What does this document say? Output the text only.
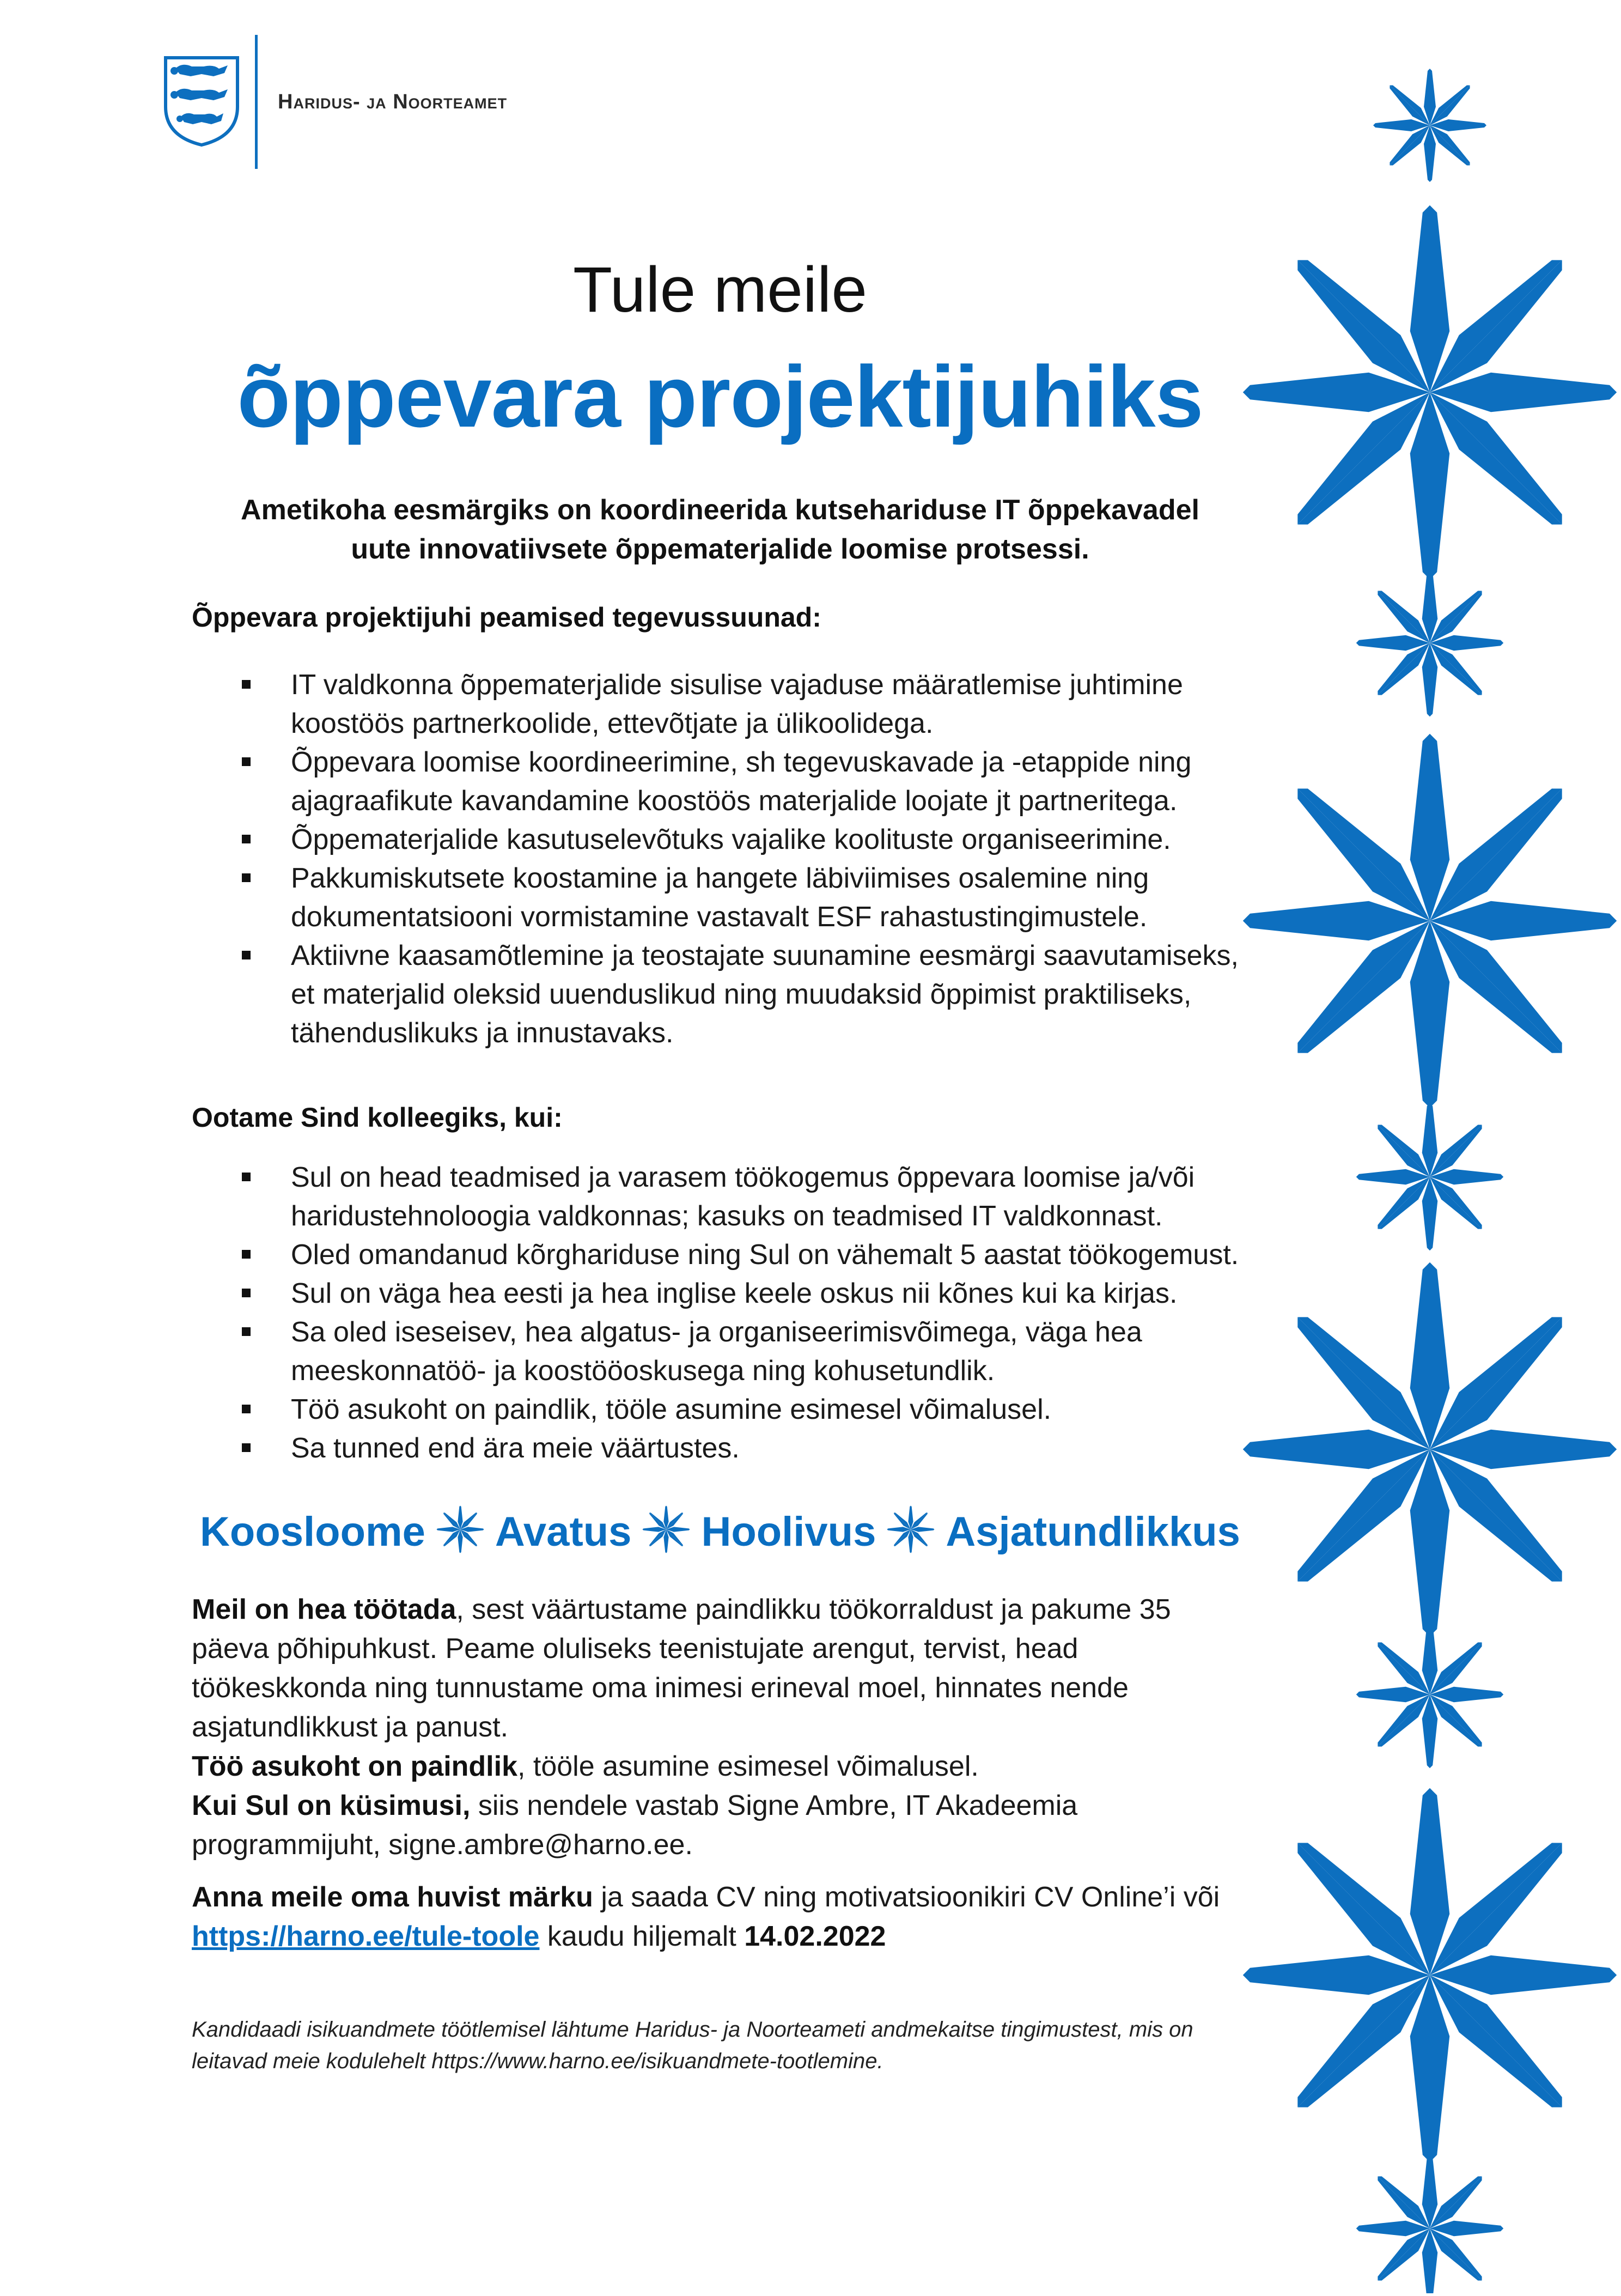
Haridus- ja Noorteamet
Tule meile
õppevara projektijuhiks
Ametikoha eesmärgiks on koordineerida kutsehariduse IT õppekavadel
uute innovatiivsete õppematerjalide loomise protsessi.
Õppevara projektijuhi peamised tegevussuunad:
IT valdkonna õppematerjalide sisulise vajaduse määratlemise juhtimine koostöös partnerkoolide, ettevõtjate ja ülikoolidega.
Õppevara loomise koordineerimine, sh tegevuskavade ja -etappide ning ajagraafikute kavandamine koostöös materjalide loojate jt partneritega.
Õppematerjalide kasutuselevõtuks vajalike koolituste organiseerimine.
Pakkumiskutsete koostamine ja hangete läbiviimises osalemine ning dokumentatsiooni vormistamine vastavalt ESF rahastustingimustele.
Aktiivne kaasamõtlemine ja teostajate suunamine eesmärgi saavutamiseks, et materjalid oleksid uuenduslikud ning muudaksid õppimist praktiliseks, tähenduslikuks ja innustavaks.
Ootame Sind kolleegiks, kui:
Sul on head teadmised ja varasem töökogemus õppevara loomise ja/või haridustehnoloogia valdkonnas; kasuks on teadmised IT valdkonnast.
Oled omandanud kõrghariduse ning Sul on vähemalt 5 aastat töökogemust.
Sul on väga hea eesti ja hea inglise keele oskus nii kõnes kui ka kirjas.
Sa oled iseseisev, hea algatus- ja organiseerimisvõimega, väga hea meeskonnatöö- ja koostööoskusega ning kohusetundlik.
Töö asukoht on paindlik, tööle asumine esimesel võimalusel.
Sa tunned end ära meie väärtustes.
Koosloome Avatus Hoolivus Asjatundlikkus
Meil on hea töötada, sest väärtustame paindlikku töökorraldust ja pakume 35 päeva põhipuhkust. Peame oluliseks teenistujate arengut, tervist, head töökeskkonda ning tunnustame oma inimesi erineval moel, hinnates nende asjatundlikkust ja panust.
Töö asukoht on paindlik, tööle asumine esimesel võimalusel.
Kui Sul on küsimusi, siis nendele vastab Signe Ambre, IT Akadeemia programmijuht, signe.ambre@harno.ee.
Anna meile oma huvist märku ja saada CV ning motivatsioonikiri CV Online’i või https://harno.ee/tule-toole kaudu hiljemalt 14.02.2022
Kandidaadi isikuandmete töötlemisel lähtume Haridus- ja Noorteameti andmekaitse tingimustest, mis on leitavad meie kodulehelt https://www.harno.ee/isikuandmete-tootlemine.
